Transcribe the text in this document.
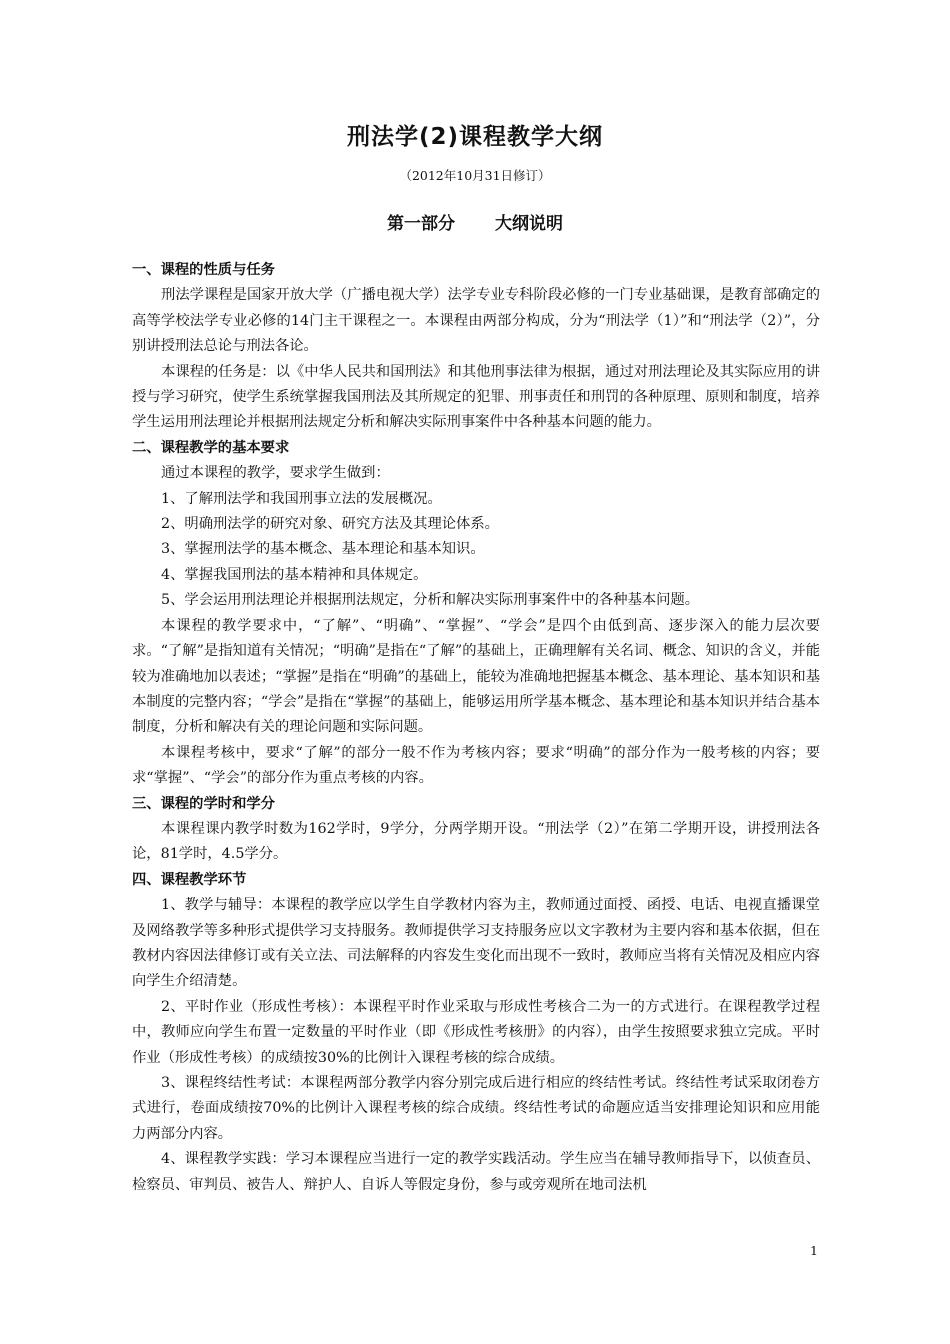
刑法学(2)课程教学大纲
（2012年10月31日修订）
第一部分 大纲说明

一、课程的性质与任务

刑法学课程是国家开放大学（广播电视大学）法学专业专科阶段必修的一门专业基础课，是教育部确定的高等学校法学专业必修的14门主干课程之一。本课程由两部分构成，分为“刑法学（1）”和“刑法学（2）”，分别讲授刑法总论与刑法各论。

本课程的任务是：以《中华人民共和国刑法》和其他刑事法律为根据，通过对刑法理论及其实际应用的讲授与学习研究，使学生系统掌握我国刑法及其所规定的犯罪、刑事责任和刑罚的各种原理、原则和制度，培养学生运用刑法理论并根据刑法规定分析和解决实际刑事案件中各种基本问题的能力。

二、课程教学的基本要求

通过本课程的教学，要求学生做到：

1、了解刑法学和我国刑事立法的发展概况。

2、明确刑法学的研究对象、研究方法及其理论体系。

3、掌握刑法学的基本概念、基本理论和基本知识。

4、掌握我国刑法的基本精神和具体规定。

5、学会运用刑法理论并根据刑法规定，分析和解决实际刑事案件中的各种基本问题。

本课程的教学要求中，“了解”、“明确”、“掌握”、“学会”是四个由低到高、逐步深入的能力层次要求。“了解”是指知道有关情况；“明确”是指在“了解”的基础上，正确理解有关名词、概念、知识的含义，并能较为准确地加以表述；“掌握”是指在“明确”的基础上，能较为准确地把握基本概念、基本理论、基本知识和基本制度的完整内容；“学会”是指在“掌握”的基础上，能够运用所学基本概念、基本理论和基本知识并结合基本制度，分析和解决有关的理论问题和实际问题。

本课程考核中，要求“了解”的部分一般不作为考核内容；要求“明确”的部分作为一般考核的内容；要求“掌握”、“学会”的部分作为重点考核的内容。

三、课程的学时和学分

本课程课内教学时数为162学时，9学分，分两学期开设。“刑法学（2）”在第二学期开设，讲授刑法各论，81学时，4.5学分。

四、课程教学环节

1、教学与辅导：本课程的教学应以学生自学教材内容为主，教师通过面授、函授、电话、电视直播课堂及网络教学等多种形式提供学习支持服务。教师提供学习支持服务应以文字教材为主要内容和基本依据，但在教材内容因法律修订或有关立法、司法解释的内容发生变化而出现不一致时，教师应当将有关情况及相应内容向学生介绍清楚。

2、平时作业（形成性考核）：本课程平时作业采取与形成性考核合二为一的方式进行。在课程教学过程中，教师应向学生布置一定数量的平时作业（即《形成性考核册》的内容），由学生按照要求独立完成。平时作业（形成性考核）的成绩按30%的比例计入课程考核的综合成绩。

3、课程终结性考试：本课程两部分教学内容分别完成后进行相应的终结性考试。终结性考试采取闭卷方式进行，卷面成绩按70%的比例计入课程考核的综合成绩。终结性考试的命题应适当安排理论知识和应用能力两部分内容。

4、课程教学实践：学习本课程应当进行一定的教学实践活动。学生应当在辅导教师指导下，以侦查员、检察员、审判员、被告人、辩护人、自诉人等假定身份，参与或旁观所在地司法机

1
